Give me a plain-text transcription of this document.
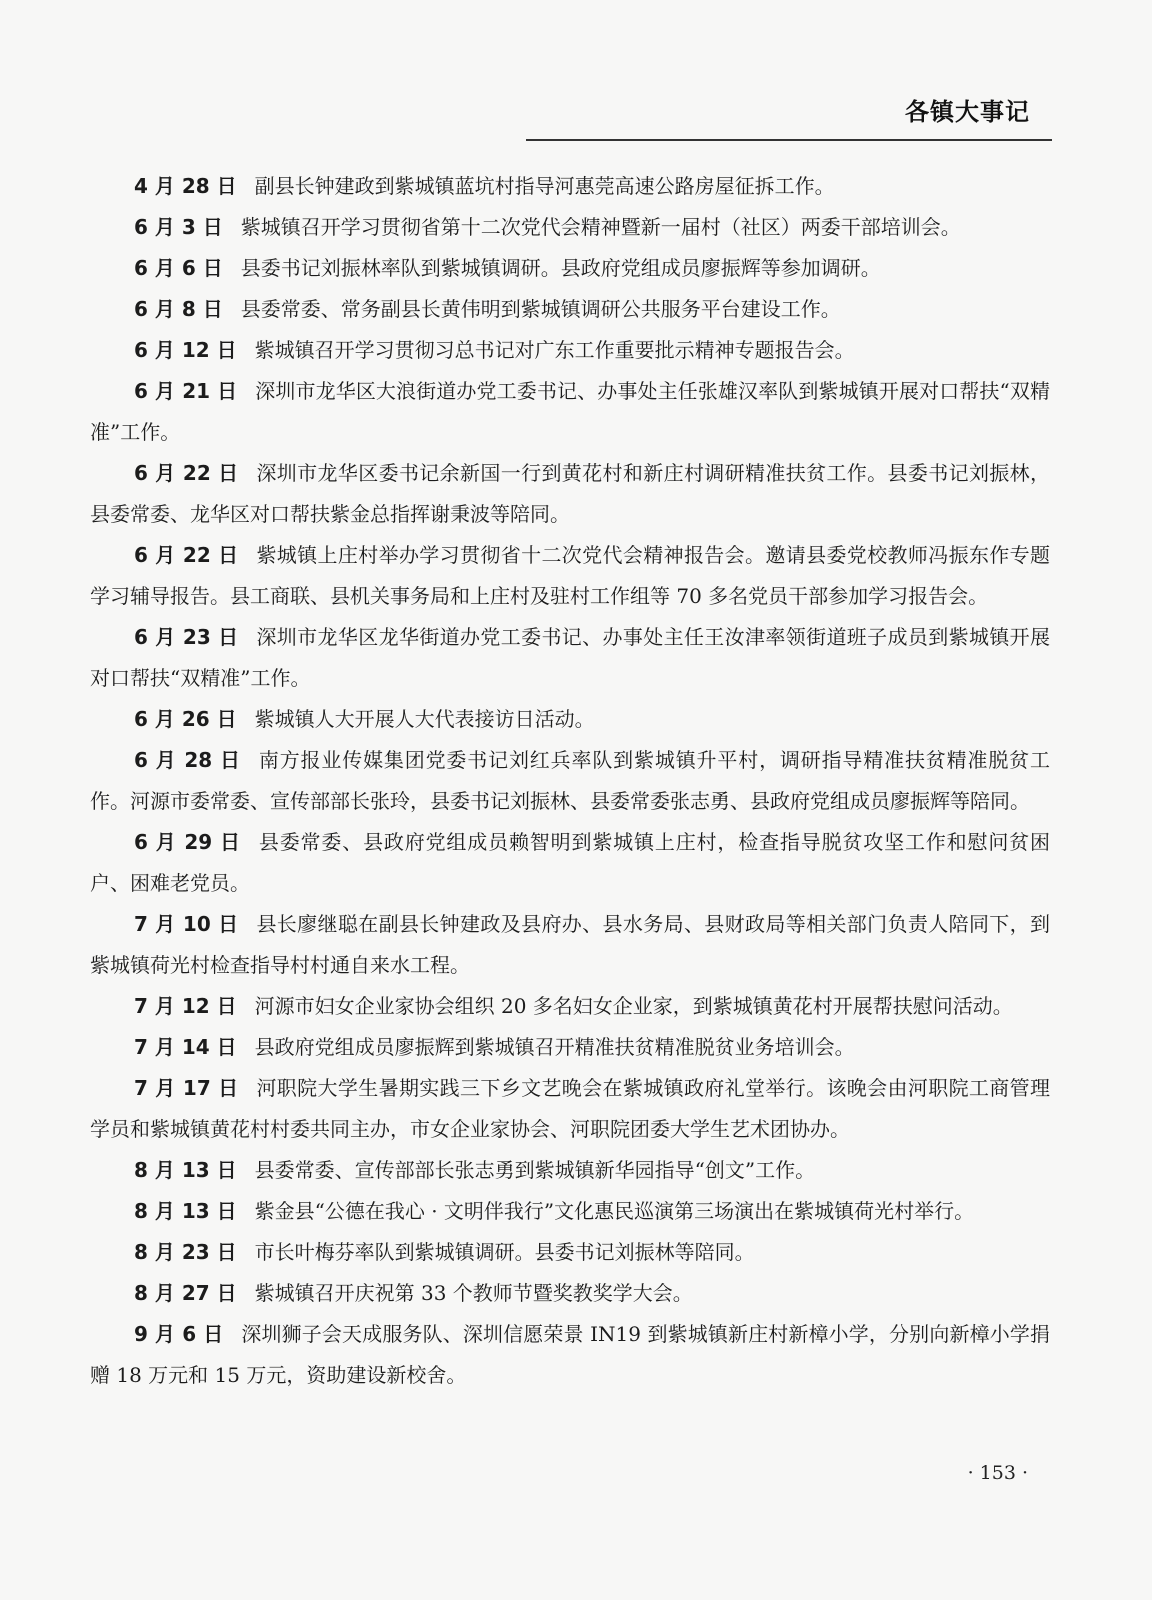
各镇大事记

4 月 28 日 副县长钟建政到紫城镇蓝坑村指导河惠莞高速公路房屋征拆工作。

6 月 3 日 紫城镇召开学习贯彻省第十二次党代会精神暨新一届村（社区）两委干部培训会。

6 月 6 日 县委书记刘振林率队到紫城镇调研。县政府党组成员廖振辉等参加调研。

6 月 8 日 县委常委、常务副县长黄伟明到紫城镇调研公共服务平台建设工作。

6 月 12 日 紫城镇召开学习贯彻习总书记对广东工作重要批示精神专题报告会。

6 月 21 日 深圳市龙华区大浪街道办党工委书记、办事处主任张雄汉率队到紫城镇开展对口帮扶“双精准”工作。

6 月 22 日 深圳市龙华区委书记余新国一行到黄花村和新庄村调研精准扶贫工作。县委书记刘振林，县委常委、龙华区对口帮扶紫金总指挥谢秉波等陪同。

6 月 22 日 紫城镇上庄村举办学习贯彻省十二次党代会精神报告会。邀请县委党校教师冯振东作专题学习辅导报告。县工商联、县机关事务局和上庄村及驻村工作组等 70 多名党员干部参加学习报告会。

6 月 23 日 深圳市龙华区龙华街道办党工委书记、办事处主任王汝津率领街道班子成员到紫城镇开展对口帮扶“双精准”工作。

6 月 26 日 紫城镇人大开展人大代表接访日活动。

6 月 28 日 南方报业传媒集团党委书记刘红兵率队到紫城镇升平村，调研指导精准扶贫精准脱贫工作。河源市委常委、宣传部部长张玲，县委书记刘振林、县委常委张志勇、县政府党组成员廖振辉等陪同。

6 月 29 日 县委常委、县政府党组成员赖智明到紫城镇上庄村，检查指导脱贫攻坚工作和慰问贫困户、困难老党员。

7 月 10 日 县长廖继聪在副县长钟建政及县府办、县水务局、县财政局等相关部门负责人陪同下，到紫城镇荷光村检查指导村村通自来水工程。

7 月 12 日 河源市妇女企业家协会组织 20 多名妇女企业家，到紫城镇黄花村开展帮扶慰问活动。

7 月 14 日 县政府党组成员廖振辉到紫城镇召开精准扶贫精准脱贫业务培训会。

7 月 17 日 河职院大学生暑期实践三下乡文艺晚会在紫城镇政府礼堂举行。该晚会由河职院工商管理学员和紫城镇黄花村村委共同主办，市女企业家协会、河职院团委大学生艺术团协办。

8 月 13 日 县委常委、宣传部部长张志勇到紫城镇新华园指导“创文”工作。

8 月 13 日 紫金县“公德在我心 · 文明伴我行”文化惠民巡演第三场演出在紫城镇荷光村举行。

8 月 23 日 市长叶梅芬率队到紫城镇调研。县委书记刘振林等陪同。

8 月 27 日 紫城镇召开庆祝第 33 个教师节暨奖教奖学大会。

9 月 6 日 深圳狮子会天成服务队、深圳信愿荣景 IN19 到紫城镇新庄村新樟小学，分别向新樟小学捐赠 18 万元和 15 万元，资助建设新校舍。

· 153 ·
